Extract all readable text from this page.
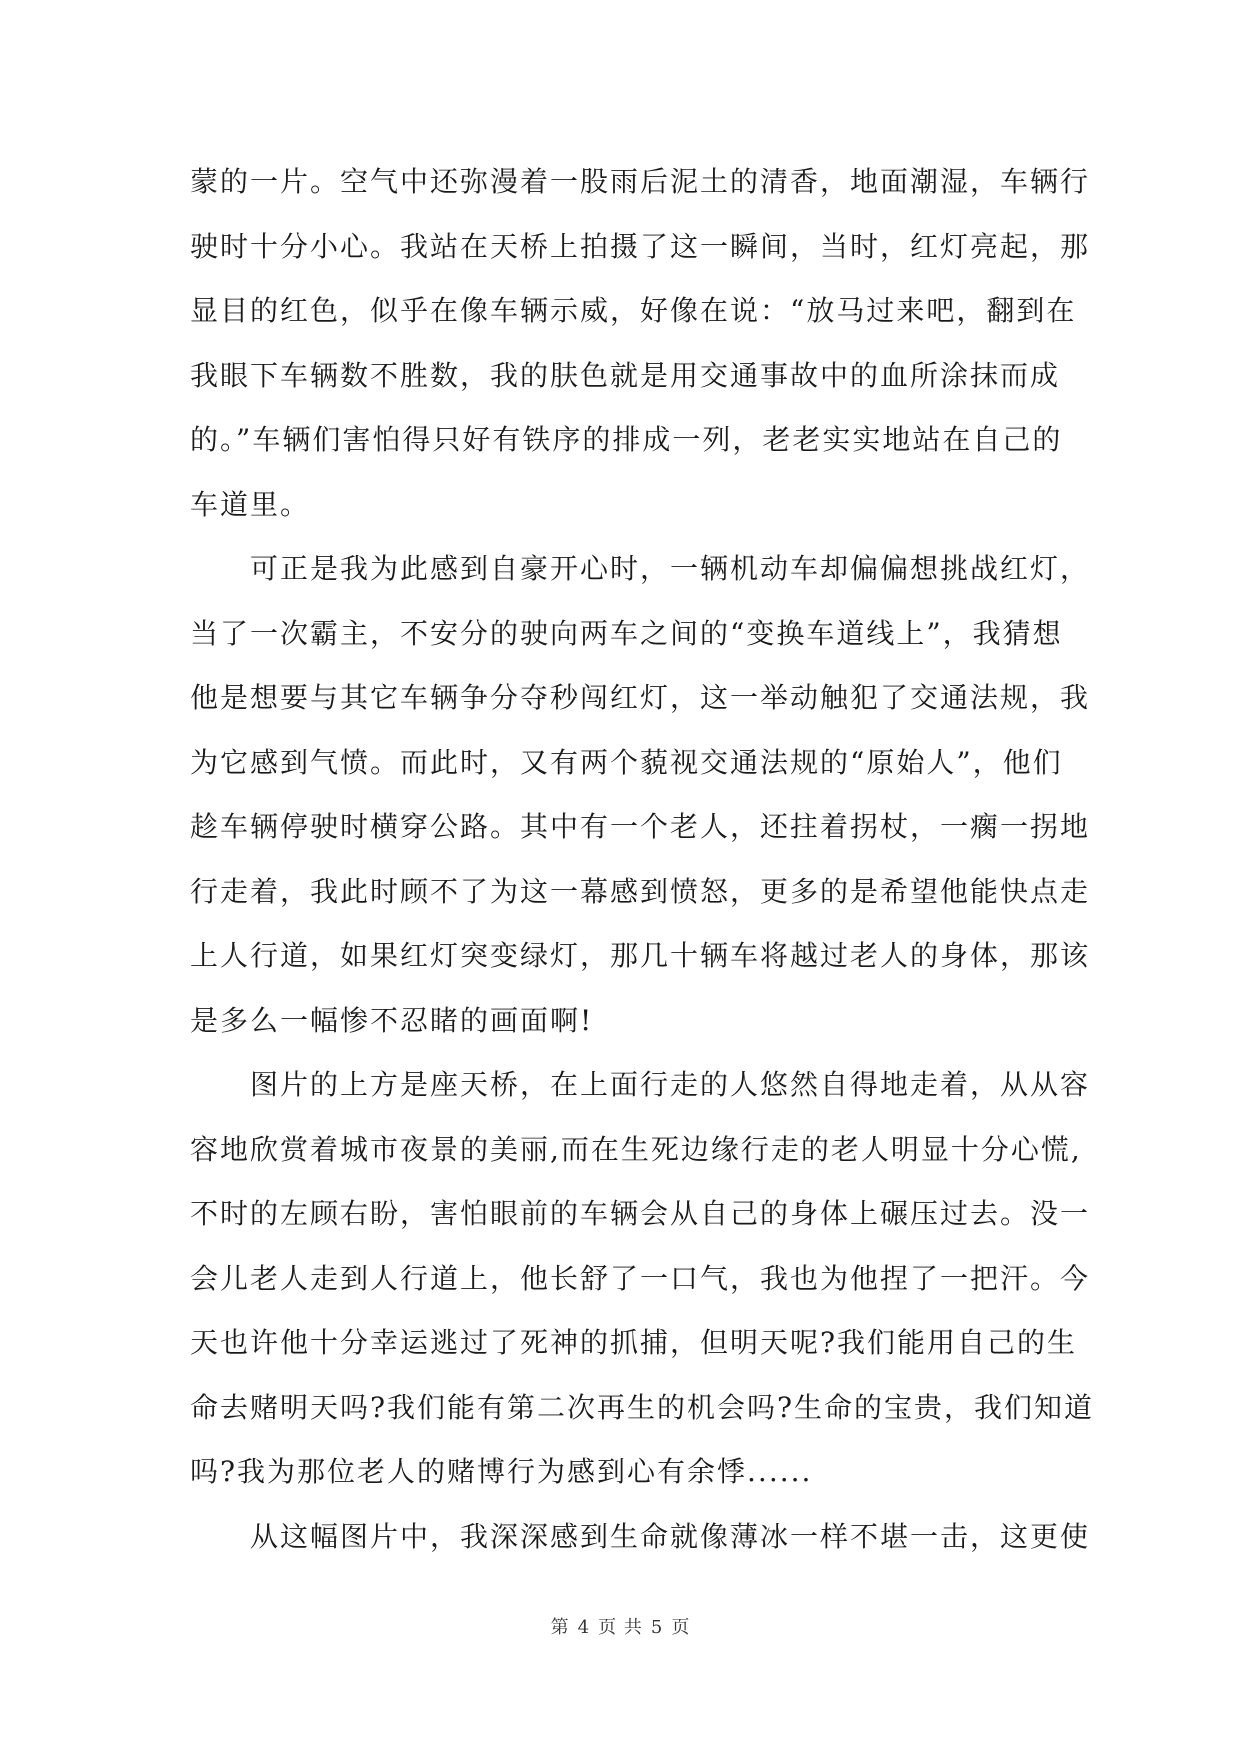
蒙的一片。空气中还弥漫着一股雨后泥土的清香，地面潮湿，车辆行
驶时十分小心。我站在天桥上拍摄了这一瞬间，当时，红灯亮起，那
显目的红色，似乎在像车辆示威，好像在说：“放马过来吧，翻到在
我眼下车辆数不胜数，我的肤色就是用交通事故中的血所涂抹而成
的。”车辆们害怕得只好有铁序的排成一列，老老实实地站在自己的
车道里。
可正是我为此感到自豪开心时，一辆机动车却偏偏想挑战红灯，
当了一次霸主，不安分的驶向两车之间的“变换车道线上”，我猜想
他是想要与其它车辆争分夺秒闯红灯，这一举动触犯了交通法规，我
为它感到气愤。而此时，又有两个藐视交通法规的“原始人”，他们
趁车辆停驶时横穿公路。其中有一个老人，还拄着拐杖，一瘸一拐地
行走着，我此时顾不了为这一幕感到愤怒，更多的是希望他能快点走
上人行道，如果红灯突变绿灯，那几十辆车将越过老人的身体，那该
是多么一幅惨不忍睹的画面啊!
图片的上方是座天桥，在上面行走的人悠然自得地走着，从从容
容地欣赏着城市夜景的美丽,而在生死边缘行走的老人明显十分心慌,
不时的左顾右盼，害怕眼前的车辆会从自己的身体上碾压过去。没一
会儿老人走到人行道上，他长舒了一口气，我也为他捏了一把汗。今
天也许他十分幸运逃过了死神的抓捕，但明天呢?我们能用自己的生
命去赌明天吗?我们能有第二次再生的机会吗?生命的宝贵，我们知道
吗?我为那位老人的赌博行为感到心有余悸......
从这幅图片中，我深深感到生命就像薄冰一样不堪一击，这更使
第 4 页 共 5 页
